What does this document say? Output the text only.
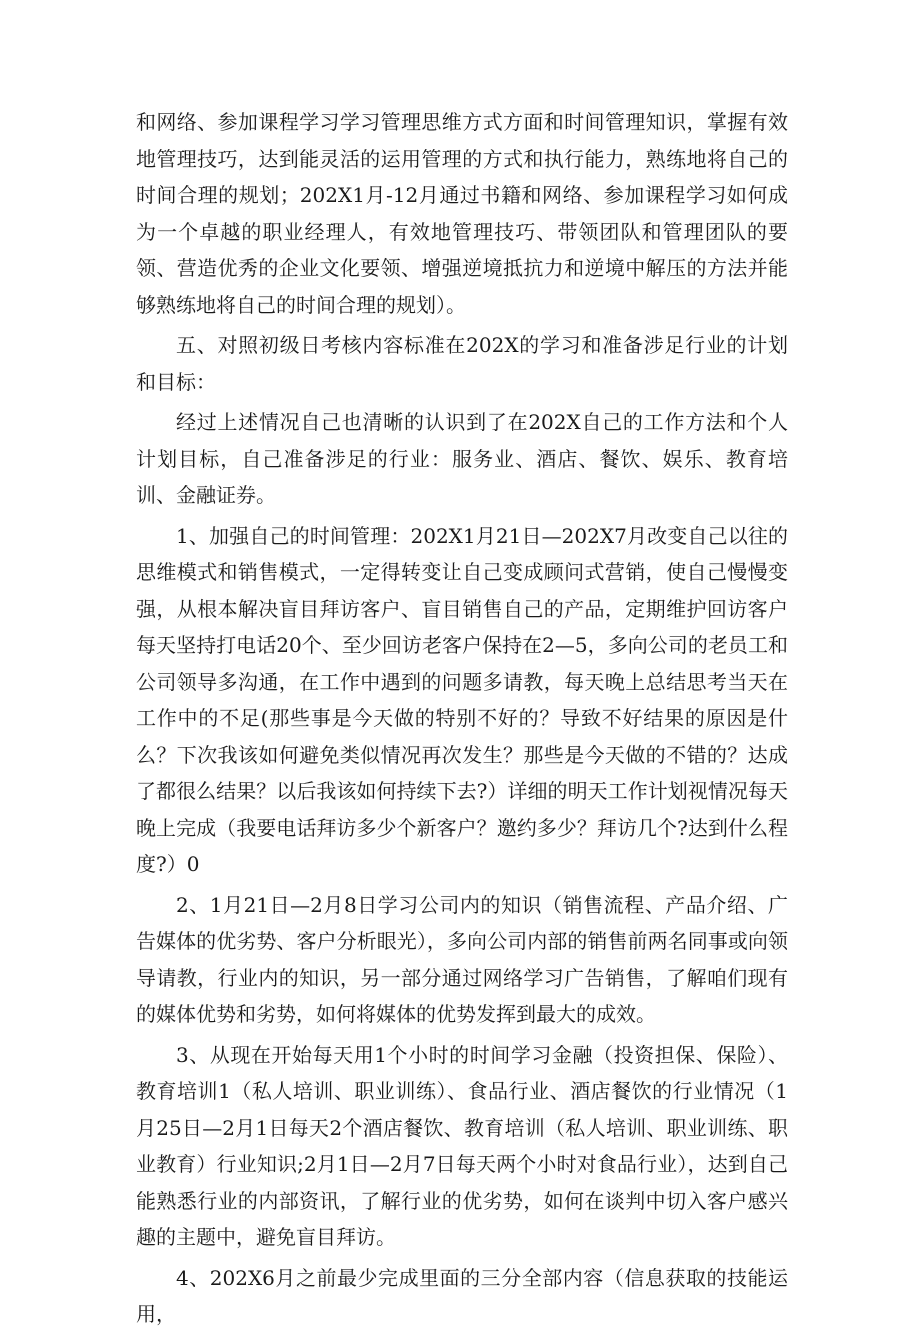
和网络、参加课程学习学习管理思维方式方面和时间管理知识，掌握有效地管理技巧，达到能灵活的运用管理的方式和执行能力，熟练地将自己的时间合理的规划；202X1月-12月通过书籍和网络、参加课程学习如何成为一个卓越的职业经理人，有效地管理技巧、带领团队和管理团队的要领、营造优秀的企业文化要领、增强逆境抵抗力和逆境中解压的方法并能够熟练地将自己的时间合理的规划）。

五、对照初级日考核内容标准在202X的学习和准备涉足行业的计划和目标：

经过上述情况自己也清晰的认识到了在202X自己的工作方法和个人计划目标，自己准备涉足的行业：服务业、酒店、餐饮、娱乐、教育培训、金融证券。

1、加强自己的时间管理：202X1月21日—202X7月改变自己以往的思维模式和销售模式，一定得转变让自己变成顾问式营销，使自己慢慢变强，从根本解决盲目拜访客户、盲目销售自己的产品，定期维护回访客户每天坚持打电话20个、至少回访老客户保持在2—5，多向公司的老员工和公司领导多沟通，在工作中遇到的问题多请教，每天晚上总结思考当天在工作中的不足(那些事是今天做的特别不好的？导致不好结果的原因是什么？下次我该如何避免类似情况再次发生？那些是今天做的不错的？达成了都很么结果？以后我该如何持续下去?）详细的明天工作计划视情况每天晚上完成（我要电话拜访多少个新客户？邀约多少？拜访几个?达到什么程度?）0

2、1月21日—2月8日学习公司内的知识（销售流程、产品介绍、广告媒体的优劣势、客户分析眼光），多向公司内部的销售前两名同事或向领导请教，行业内的知识，另一部分通过网络学习广告销售，了解咱们现有的媒体优势和劣势，如何将媒体的优势发挥到最大的成效。

3、从现在开始每天用1个小时的时间学习金融（投资担保、保险）、教育培训1（私人培训、职业训练）、食品行业、酒店餐饮的行业情况（1月25日—2月1日每天2个酒店餐饮、教育培训（私人培训、职业训练、职业教育）行业知识;2月1日—2月7日每天两个小时对食品行业），达到自己能熟悉行业的内部资讯，了解行业的优劣势，如何在谈判中切入客户感兴趣的主题中，避免盲目拜访。

4、202X6月之前最少完成里面的三分全部内容（信息获取的技能运用，
